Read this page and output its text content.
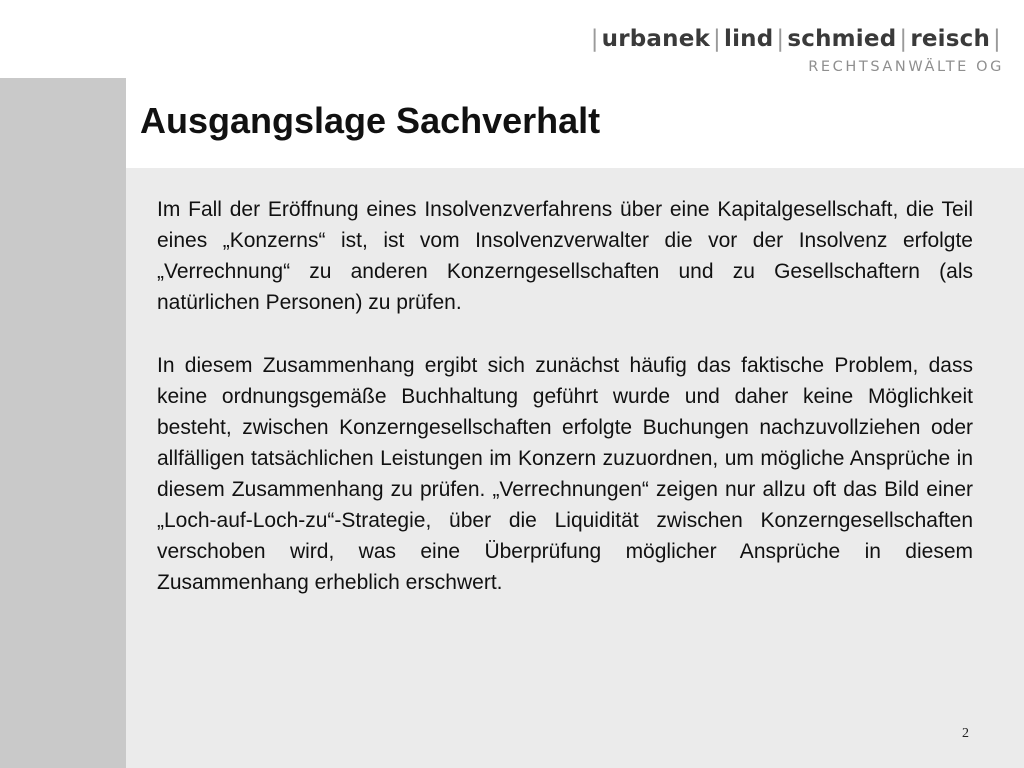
| urbanek | lind | schmied | reisch |
RECHTSANWÄLTE OG
Ausgangslage Sachverhalt

Im Fall der Eröffnung eines Insolvenzverfahrens über eine Kapitalgesellschaft, die Teil eines „Konzerns“ ist, ist vom Insolvenzverwalter die vor der Insolvenz erfolgte „Verrechnung“ zu anderen Konzerngesellschaften und zu Gesellschaftern (als natürlichen Personen) zu prüfen.

In diesem Zusammenhang ergibt sich zunächst häufig das faktische Problem, dass keine ordnungsgemäße Buchhaltung geführt wurde und daher keine Möglichkeit besteht, zwischen Konzerngesellschaften erfolgte Buchungen nachzuvollziehen oder allfälligen tatsächlichen Leistungen im Konzern zuzuordnen, um mögliche Ansprüche in diesem Zusammenhang zu prüfen. „Verrechnungen“ zeigen nur allzu oft das Bild einer „Loch-auf-Loch-zu“-Strategie, über die Liquidität zwischen Konzerngesellschaften verschoben wird, was eine Überprüfung möglicher Ansprüche in diesem Zusammenhang erheblich erschwert.

2
